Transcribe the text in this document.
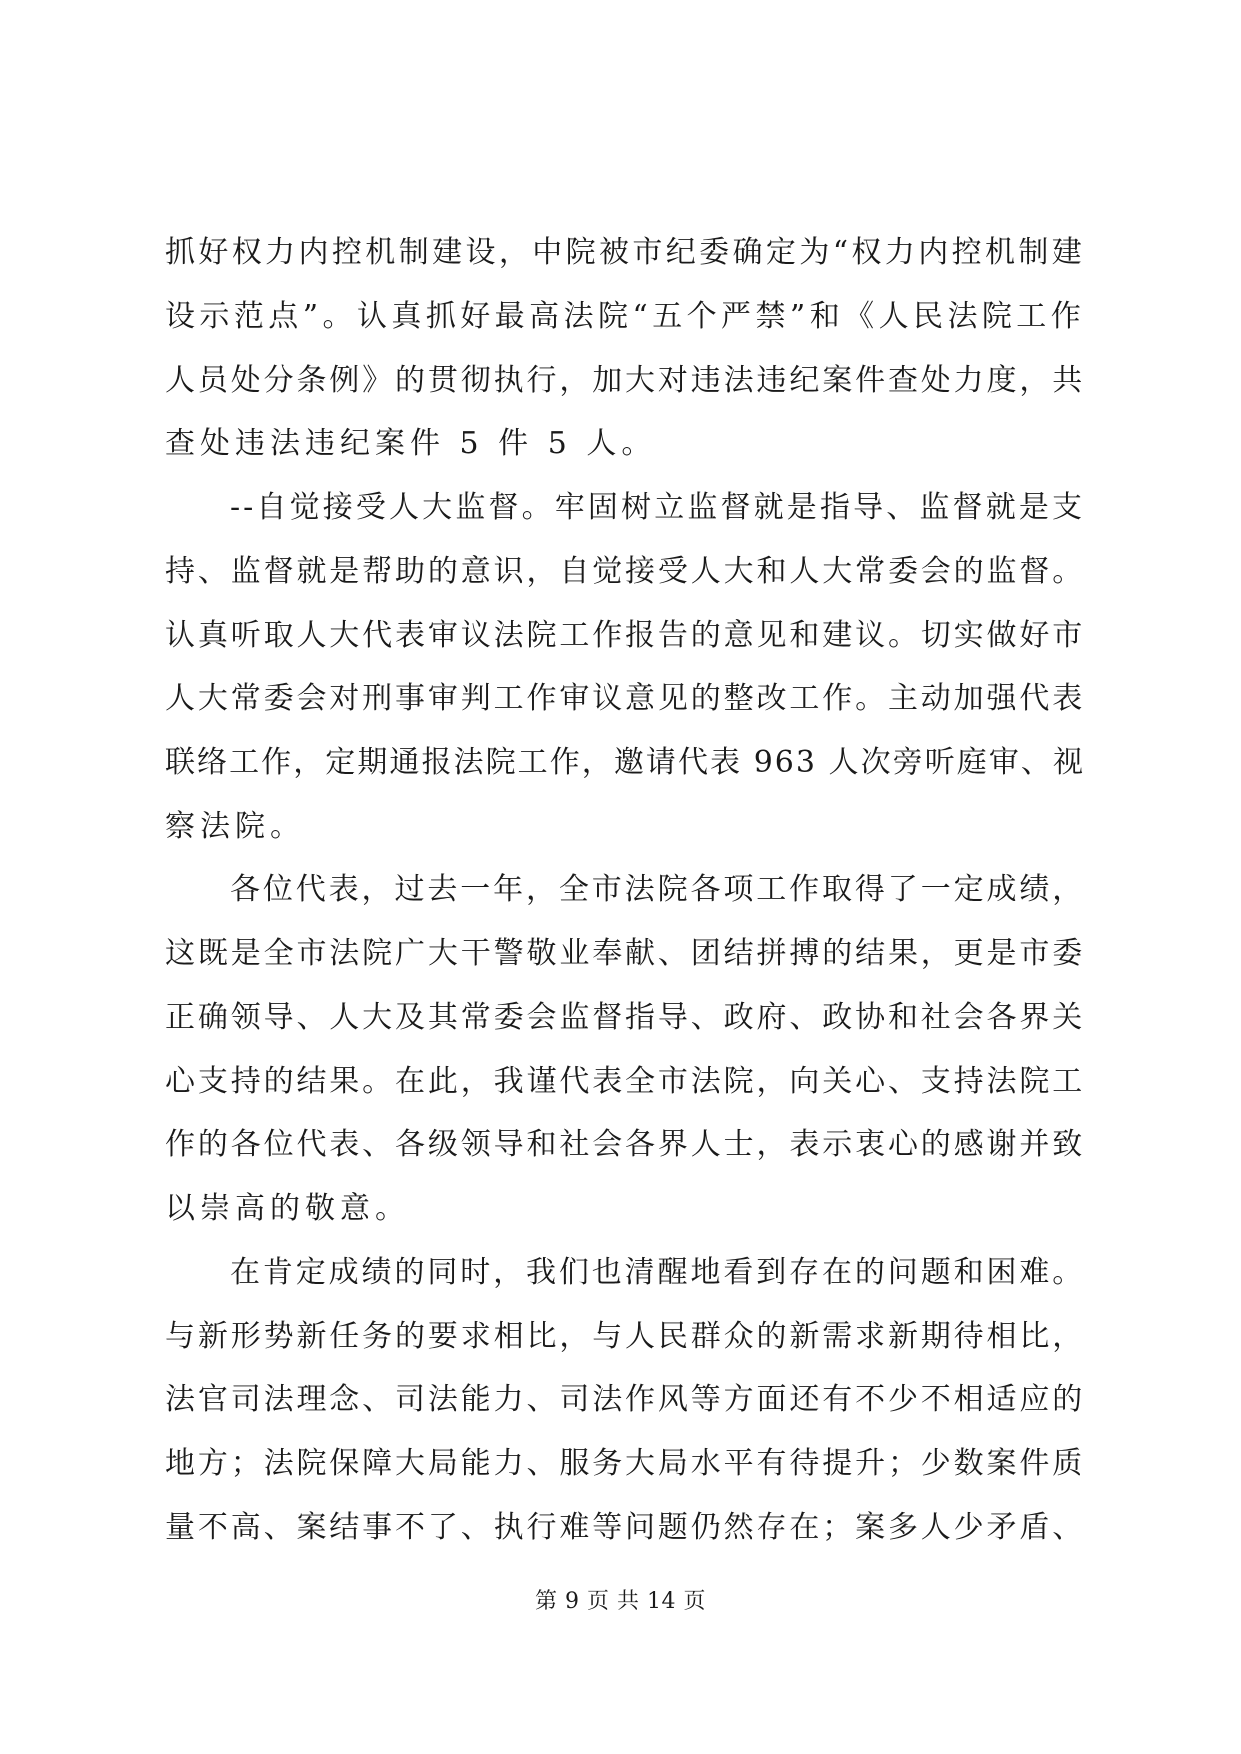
抓好权力内控机制建设，中院被市纪委确定为“权力内控机制建
设示范点”。认真抓好最高法院“五个严禁”和《人民法院工作
人员处分条例》的贯彻执行，加大对违法违纪案件查处力度，共
查处违法违纪案件 5 件 5 人。
--自觉接受人大监督。牢固树立监督就是指导、监督就是支
持、监督就是帮助的意识，自觉接受人大和人大常委会的监督。
认真听取人大代表审议法院工作报告的意见和建议。切实做好市
人大常委会对刑事审判工作审议意见的整改工作。主动加强代表
联络工作，定期通报法院工作，邀请代表 963 人次旁听庭审、视
察法院。
各位代表，过去一年，全市法院各项工作取得了一定成绩，
这既是全市法院广大干警敬业奉献、团结拼搏的结果，更是市委
正确领导、人大及其常委会监督指导、政府、政协和社会各界关
心支持的结果。在此，我谨代表全市法院，向关心、支持法院工
作的各位代表、各级领导和社会各界人士，表示衷心的感谢并致
以崇高的敬意。
在肯定成绩的同时，我们也清醒地看到存在的问题和困难。
与新形势新任务的要求相比，与人民群众的新需求新期待相比，
法官司法理念、司法能力、司法作风等方面还有不少不相适应的
地方；法院保障大局能力、服务大局水平有待提升；少数案件质
量不高、案结事不了、执行难等问题仍然存在；案多人少矛盾、
第 9 页 共 14 页
